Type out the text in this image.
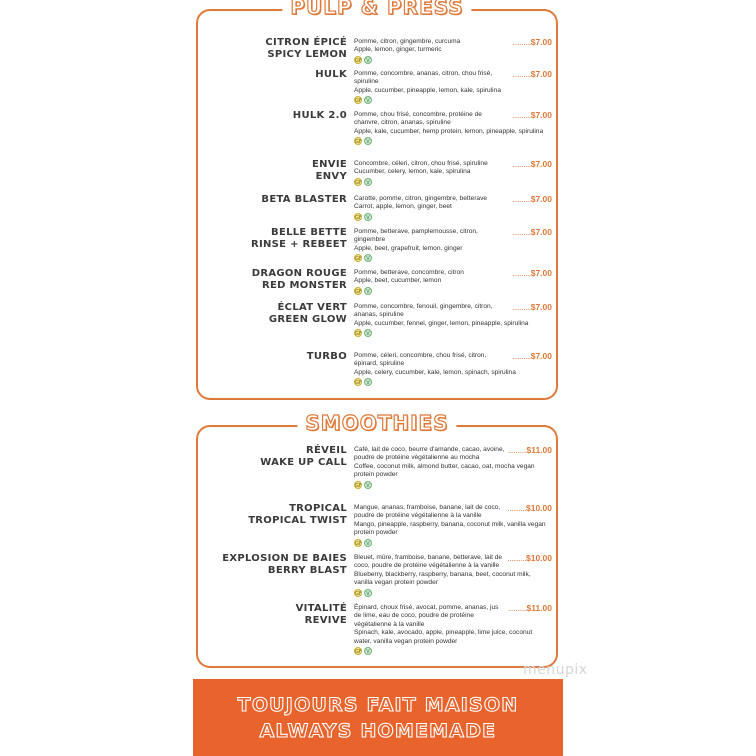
PULP & PRESS
CITRON ÉPICÉ
SPICY LEMON
Pomme, citron, gingembre, curcuma
Apple, lemon, ginger, turmeric
GF V
..........$7.00
HULK Pomme, concombre, ananas, citron, chou frisé, spiruline
Apple, cucumber, pineapple, lemon, kale, spirulina
GF V
..........$7.00
HULK 2.0 Pomme, chou frisé, concombre, protéine de chanvre, citron, ananas, spiruline
Apple, kale, cucumber, hemp protein, lemon, pineapple, spirulina
GF V
..........$7.00
ENVIE
ENVY
Concombre, céleri, citron, chou frisé, spiruline
Cucumber, celery, lemon, kale, spirulina
GF V
..........$7.00
BETA BLASTER Carotte, pomme, citron, gingembre, betterave
Carrot, apple, lemon, ginger, beet
GF V
..........$7.00
BELLE BETTE
RINSE + REBEET
Pomme, betterave, pamplemousse, citron, gingembre
Apple, beet, grapefruit, lemon, ginger
GF V
..........$7.00
DRAGON ROUGE
RED MONSTER
Pomme, betterave, concombre, citron
Apple, beet, cucumber, lemon
GF V
..........$7.00
ÉCLAT VERT
GREEN GLOW
Pomme, concombre, fenouil, gingembre, citron, ananas, spiruline
Apple, cucumber, fennel, ginger, lemon, pineapple, spirulina
GF V
..........$7.00
TURBO Pomme, céleri, concombre, chou frisé, citron, épinard, spiruline
Apple, celery, cucumber, kale, lemon, spinach, spirulina
GF V
..........$7.00
SMOOTHIES
RÉVEIL
WAKE UP CALL
Café, lait de coco, beurre d'amande, cacao, avoine, poudre de protéine végétalienne au mocha
Coffee, coconut milk, almond butter, cacao, oat, mocha vegan protein powder
GF V
..........$11.00
TROPICAL
TROPICAL TWIST
Mangue, ananas, framboise, banane, lait de coco, poudre de protéine végétalienne à la vanille
Mango, pineapple, raspberry, banana, coconut milk, vanilla vegan protein powder
GF V
..........$10.00
EXPLOSION DE BAIES
BERRY BLAST
Bleuet, mûre, framboise, banane, betterave, lait de coco, poudre de protéine végétalienne à la vanille
Blueberry, blackberry, raspberry, banana, beet, coconut milk, vanilla vegan protein powder
GF V
..........$10.00
VITALITÉ
REVIVE
Épinard, choux frisé, avocat, pomme, ananas, jus de lime, eau de coco, poudre de protéine végétalienne à la vanille
Spinach, kale, avocado, apple, pineapple, lime juice, coconut water, vanilla vegan protein powder
GF V
..........$11.00
TOUJOURS FAIT MAISON
ALWAYS HOMEMADE
menupix
